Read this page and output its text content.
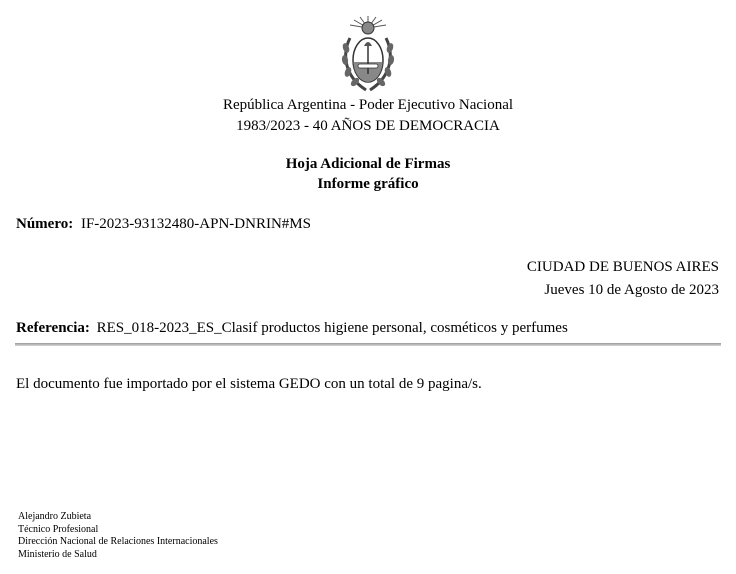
República Argentina - Poder Ejecutivo Nacional
1983/2023 - 40 AÑOS DE DEMOCRACIA
Hoja Adicional de Firmas
Informe gráfico
Número: IF-2023-93132480-APN-DNRIN#MS
CIUDAD DE BUENOS AIRES
Jueves 10 de Agosto de 2023
Referencia: RES_018-2023_ES_Clasif productos higiene personal, cosméticos y perfumes
El documento fue importado por el sistema GEDO con un total de 9 pagina/s.
Alejandro Zubieta
Técnico Profesional
Dirección Nacional de Relaciones Internacionales
Ministerio de Salud
